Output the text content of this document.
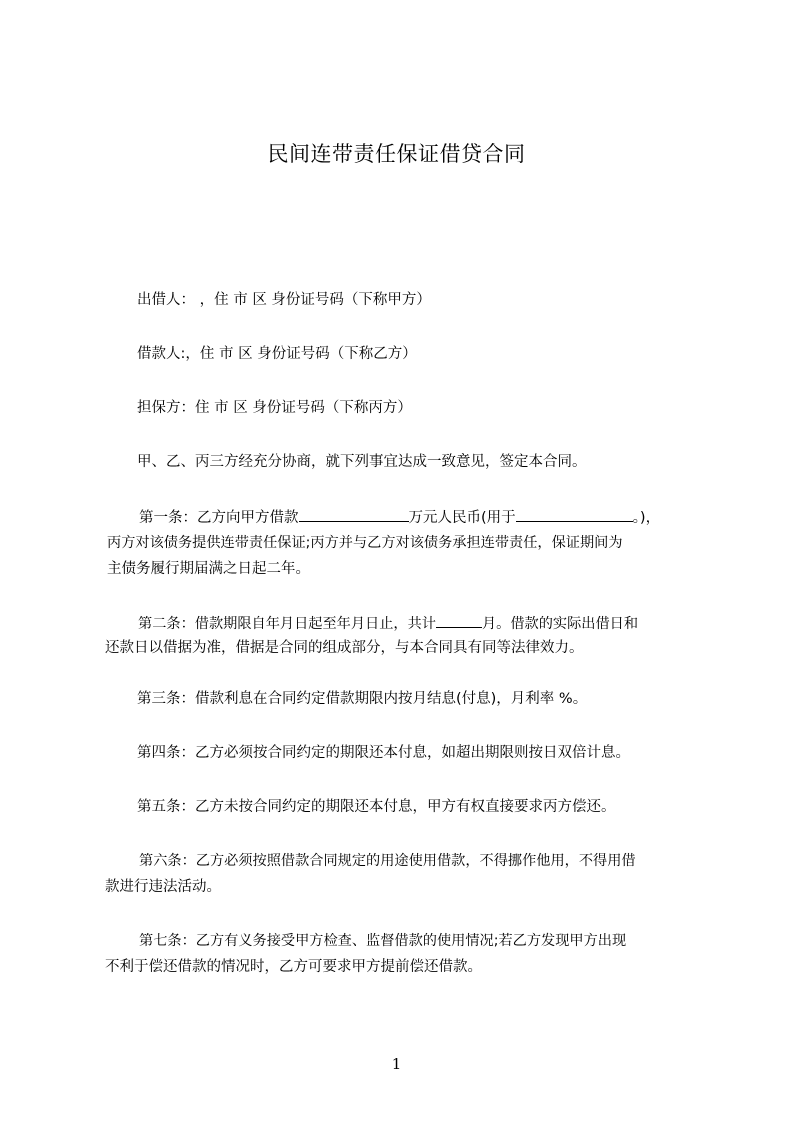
民间连带责任保证借贷合同
出借人： ，住 市 区 身份证号码（下称甲方）
借款人:，住 市 区 身份证号码（下称乙方）
担保方：住 市 区 身份证号码（下称丙方）
甲、乙、丙三方经充分协商，就下列事宜达成一致意见，签定本合同。
第一条：乙方向甲方借款	万元人民币(用于	。)，
丙方对该债务提供连带责任保证;丙方并与乙方对该债务承担连带责任，保证期间为
主债务履行期届满之日起二年。
第二条：借款期限自年月日起至年月日止，共计	月。借款的实际出借日和
还款日以借据为准，借据是合同的组成部分，与本合同具有同等法律效力。
第三条：借款利息在合同约定借款期限内按月结息(付息)，月利率 %。
第四条：乙方必须按合同约定的期限还本付息，如超出期限则按日双倍计息。
第五条：乙方未按合同约定的期限还本付息，甲方有权直接要求丙方偿还。
第六条：乙方必须按照借款合同规定的用途使用借款，不得挪作他用，不得用借
款进行违法活动。
第七条：乙方有义务接受甲方检查、监督借款的使用情况;若乙方发现甲方出现
不利于偿还借款的情况时，乙方可要求甲方提前偿还借款。
1
